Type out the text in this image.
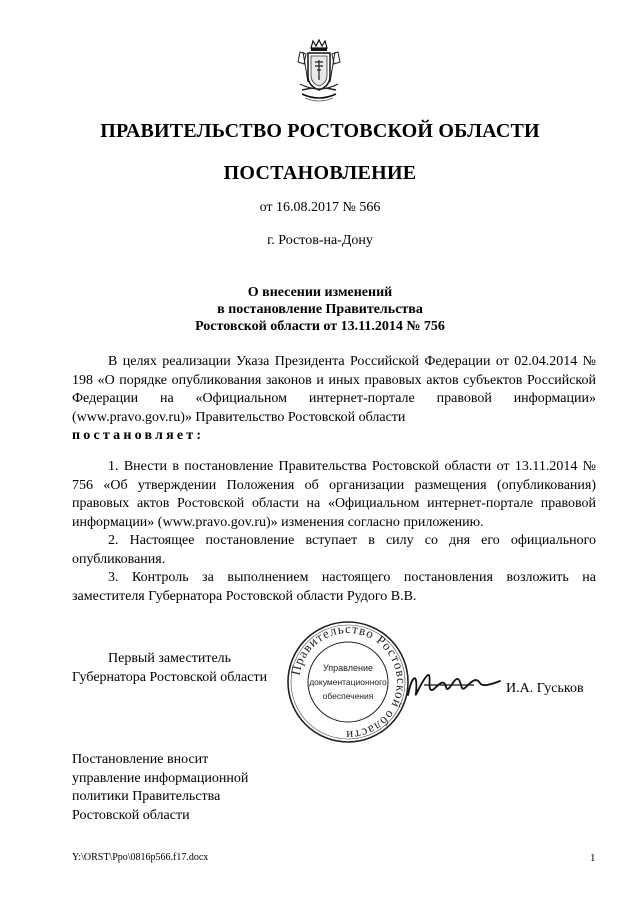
ПРАВИТЕЛЬСТВО РОСТОВСКОЙ ОБЛАСТИ
ПОСТАНОВЛЕНИЕ
от 16.08.2017 № 566
г. Ростов-на-Дону
О внесении изменений
в постановление Правительства
Ростовской области от 13.11.2014 № 756
В целях реализации Указа Президента Российской Федерации от 02.04.2014 № 198 «О порядке опубликования законов и иных правовых актов субъектов Российской Федерации на «Официальном интернет-портале правовой информации» (www.pravo.gov.ru)» Правительство Ростовской области
постановляет:

1. Внести в постановление Правительства Ростовской области от 13.11.2014 № 756 «Об утверждении Положения об организации размещения (опубликования) правовых актов Ростовской области на «Официальном интернет-портале правовой информации» (www.pravo.gov.ru)» изменения согласно приложению.

2. Настоящее постановление вступает в силу со дня его официального опубликования.

3. Контроль за выполнением настоящего постановления возложить на заместителя Губернатора Ростовской области Рудого В.В.

Первый заместитель
Губернатора Ростовской области
Правительство Ростовской области
Управление
документационного
обеспечения	И.А. Гуськов
Постановление вносит
управление информационной
политики Правительства
Ростовской области
Y:\ORST\Ppo\0816p566.f17.docx	1
